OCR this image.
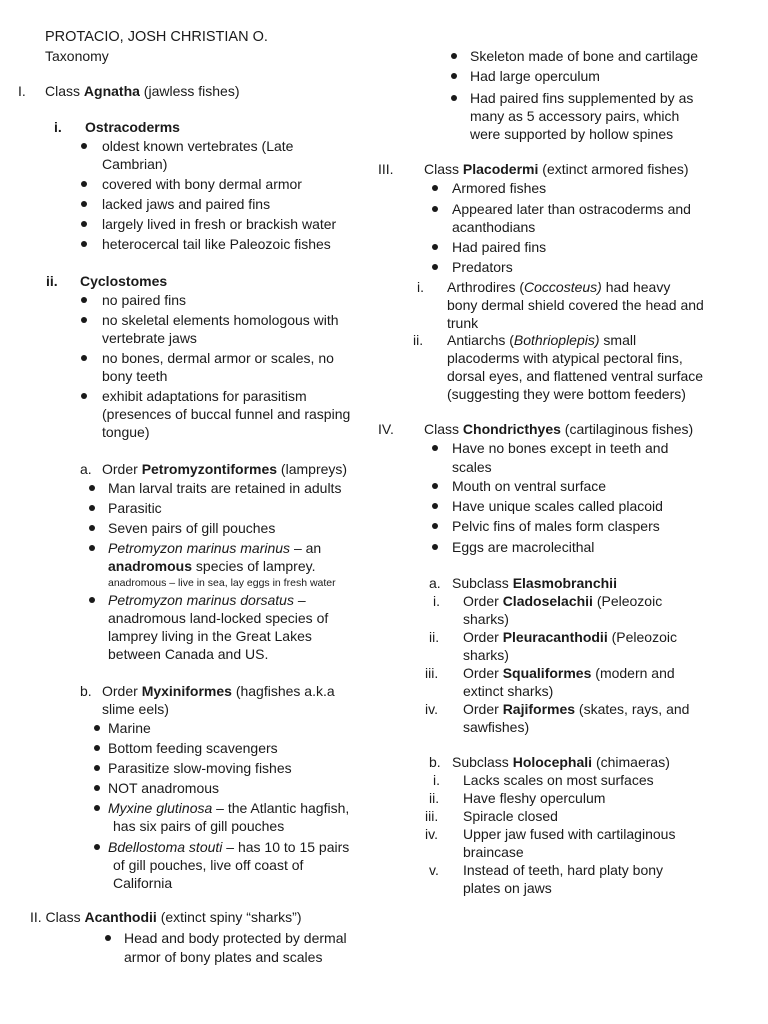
PROTACIO, JOSH CHRISTIAN O.
Taxonomy
I. Class Agnatha (jawless fishes)
i. Ostracoderms
oldest known vertebrates (Late
Cambrian)
covered with bony dermal armor
lacked jaws and paired fins
largely lived in fresh or brackish water
heterocercal tail like Paleozoic fishes
ii. Cyclostomes
no paired fins
no skeletal elements homologous with
vertebrate jaws
no bones, dermal armor or scales, no
bony teeth
exhibit adaptations for parasitism
(presences of buccal funnel and rasping
tongue)
a. Order Petromyzontiformes (lampreys)
Man larval traits are retained in adults
Parasitic
Seven pairs of gill pouches
Petromyzon marinus marinus – an
anadromous species of lamprey.
anadromous – live in sea, lay eggs in fresh water
Petromyzon marinus dorsatus –
anadromous land-locked species of
lamprey living in the Great Lakes
between Canada and US.
b. Order Myxiniformes (hagfishes a.k.a
slime eels)
Marine
Bottom feeding scavengers
Parasitize slow-moving fishes
NOT anadromous
Myxine glutinosa – the Atlantic hagfish,
has six pairs of gill pouches
Bdellostoma stouti – has 10 to 15 pairs
of gill pouches, live off coast of
California
II. Class Acanthodii (extinct spiny “sharks”)
Head and body protected by dermal
armor of bony plates and scales
Skeleton made of bone and cartilage
Had large operculum
Had paired fins supplemented by as
many as 5 accessory pairs, which
were supported by hollow spines
III. Class Placodermi (extinct armored fishes)
Armored fishes
Appeared later than ostracoderms and
acanthodians
Had paired fins
Predators
i. Arthrodires (Coccosteus) had heavy
bony dermal shield covered the head and
trunk
ii. Antiarchs (Bothrioplepis) small
placoderms with atypical pectoral fins,
dorsal eyes, and flattened ventral surface
(suggesting they were bottom feeders)
IV. Class Chondricthyes (cartilaginous fishes)
Have no bones except in teeth and
scales
Mouth on ventral surface
Have unique scales called placoid
Pelvic fins of males form claspers
Eggs are macrolecithal
a. Subclass Elasmobranchii
i. Order Cladoselachii (Peleozoic
sharks)
ii. Order Pleuracanthodii (Peleozoic
sharks)
iii. Order Squaliformes (modern and
extinct sharks)
iv. Order Rajiformes (skates, rays, and
sawfishes)
b. Subclass Holocephali (chimaeras)
i. Lacks scales on most surfaces
ii. Have fleshy operculum
iii. Spiracle closed
iv. Upper jaw fused with cartilaginous
braincase
v. Instead of teeth, hard platy bony
plates on jaws
